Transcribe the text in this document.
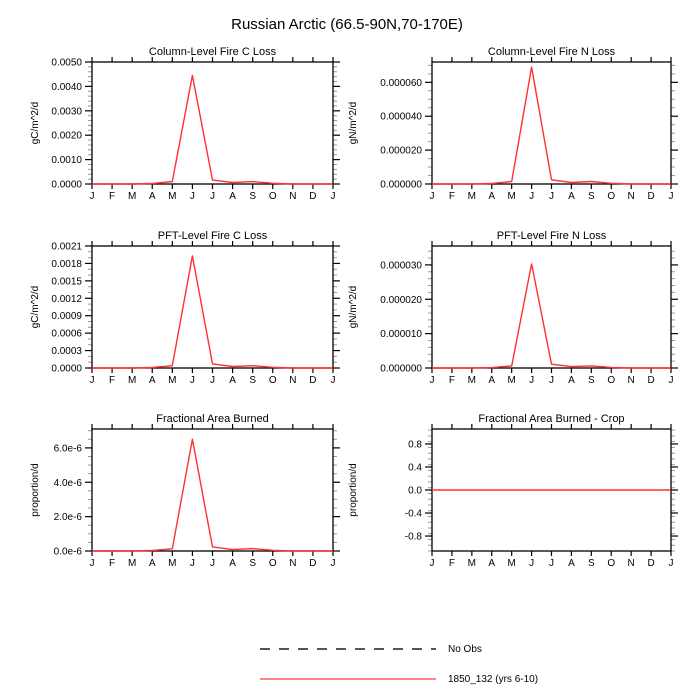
Column-Level Fire C Loss
0.0000
0.0010
0.0020
0.0030
0.0040
0.0050
J F M A M J J A S O N D J
gC/m^2/d
Column-Level Fire N Loss
0.000000
0.000020
0.000040
0.000060
J F M A M J J A S O N D J
gN/m^2/d
PFT-Level Fire C Loss
0.0000
0.0003
0.0006
0.0009
0.0012
0.0015
0.0018
0.0021
J F M A M J J A S O N D J
gC/m^2/d
PFT-Level Fire N Loss
0.000000
0.000010
0.000020
0.000030
J F M A M J J A S O N D J
gN/m^2/d
Fractional Area Burned
0.0e-6
2.0e-6
4.0e-6
6.0e-6
J F M A M J J A S O N D J
proportion/d
Fractional Area Burned - Crop
-0.8
-0.4
0.0
0.4
0.8
J F M A M J J A S O N D J
proportion/d
Russian Arctic (66.5-90N,70-170E)
No Obs
1850_132 (yrs 6-10)
